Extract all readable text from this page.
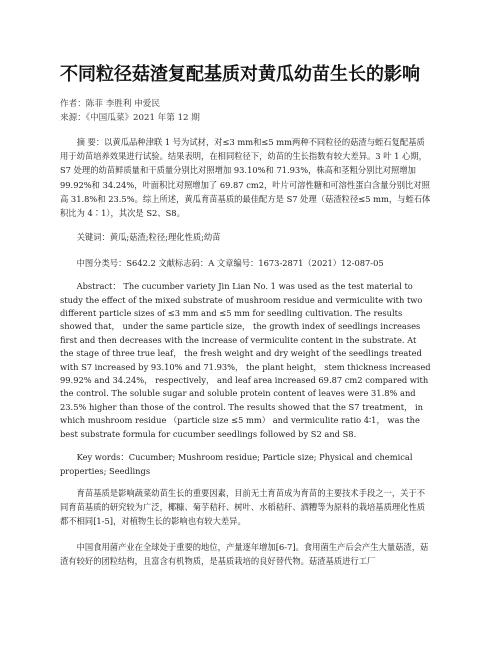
不同粒径菇渣复配基质对黄瓜幼苗生长的影响
作者：陈菲 李胜利 申爱民
来源：《中国瓜菜》2021 年第 12 期

摘 要：以黄瓜品种津联 1 号为试材，对≤3 mm和≤5 mm两种不同粒径的菇渣与蛭石复配基质用于幼苗培养效果进行试验。结果表明，在相同粒径下，幼苗的生长指数有较大差异。3 叶 1 心期，S7 处理的幼苗鲜质量和干质量分别比对照增加 93.10%和 71.93%，株高和茎粗分别比对照增加 99.92%和 34.24%，叶面积比对照增加了 69.87 cm2，叶片可溶性糖和可溶性蛋白含量分别比对照高 31.8%和 23.5%。综上所述，黄瓜育苗基质的最佳配方是 S7 处理（菇渣粒径≤5 mm，与蛭石体积比为 4∶1），其次是 S2、S8。

关键词：黄瓜;菇渣;粒径;理化性质;幼苗

中图分类号：S642.2 文献标志码：A 文章编号：1673-2871（2021）12-087-05

Abstract： The cucumber variety Jin Lian No. 1 was used as the test material to study the effect of the mixed substrate of mushroom residue and vermiculite with two different particle sizes of ≤3 mm and ≤5 mm for seedling cultivation. The results showed that， under the same particle size， the growth index of seedlings increases first and then decreases with the increase of vermiculite content in the substrate. At the stage of three true leaf， the fresh weight and dry weight of the seedlings treated with S7 increased by 93.10% and 71.93%， the plant height， stem thickness increased 99.92% and 34.24%， respectively， and leaf area increased 69.87 cm2 compared with the control. The soluble sugar and soluble protein content of leaves were 31.8% and 23.5% higher than those of the control. The results showed that the S7 treatment， in which mushroom residue （particle size ≤5 mm） and vermiculite ratio 4∶1， was the best substrate formula for cucumber seedlings followed by S2 and S8.

Key words：Cucumber; Mushroom residue; Particle size; Physical and chemical properties; Seedlings

育苗基质是影响蔬菜幼苗生长的重要因素，目前无土育苗成为育苗的主要技术手段之一，关于不同育苗基质的研究较为广泛，椰糠、菊芋秸秆、树叶、水稻秸秆、酒糟等为原料的栽培基质理化性质都不相同[1-5]，对植物生长的影响也有较大差异。

中国食用菌产业在全球处于重要的地位，产量逐年增加[6-7]。食用菌生产后会产生大量菇渣，菇渣有较好的团粒结构，且富含有机物质，是基质栽培的良好替代物。菇渣基质进行工厂
